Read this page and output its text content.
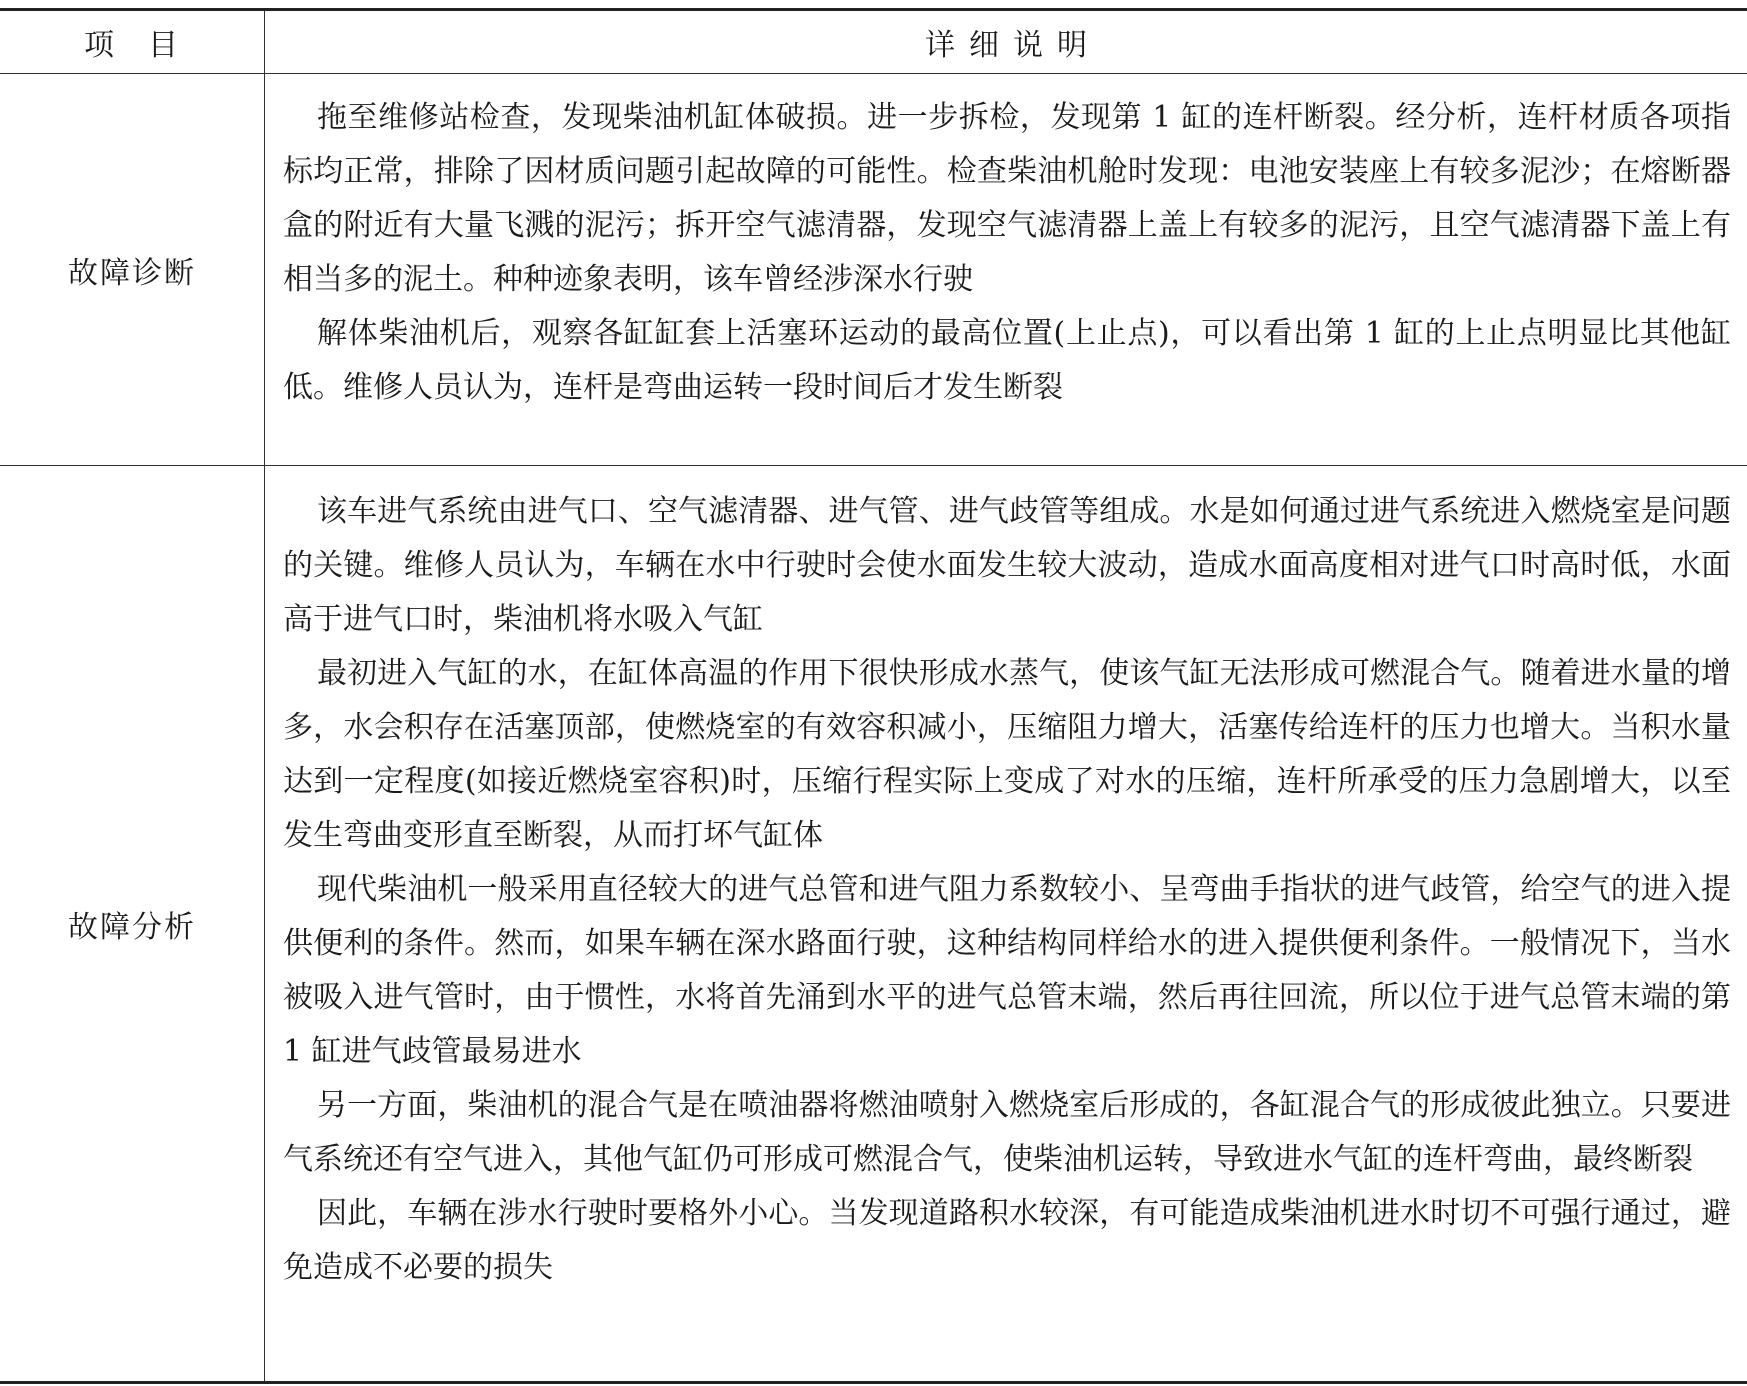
项　目	详细说明
故障诊断

拖至维修站检查，发现柴油机缸体破损。进一步拆检，发现第 1 缸的连杆断裂。经分析，连杆材质各项指标均正常，排除了因材质问题引起故障的可能性。检查柴油机舱时发现：电池安装座上有较多泥沙；在熔断器盒的附近有大量飞溅的泥污；拆开空气滤清器，发现空气滤清器上盖上有较多的泥污，且空气滤清器下盖上有相当多的泥土。种种迹象表明，该车曾经涉深水行驶

解体柴油机后，观察各缸缸套上活塞环运动的最高位置(上止点)，可以看出第 1 缸的上止点明显比其他缸低。维修人员认为，连杆是弯曲运转一段时间后才发生断裂

故障分析

该车进气系统由进气口、空气滤清器、进气管、进气歧管等组成。水是如何通过进气系统进入燃烧室是问题的关键。维修人员认为，车辆在水中行驶时会使水面发生较大波动，造成水面高度相对进气口时高时低，水面高于进气口时，柴油机将水吸入气缸

最初进入气缸的水，在缸体高温的作用下很快形成水蒸气，使该气缸无法形成可燃混合气。随着进水量的增多，水会积存在活塞顶部，使燃烧室的有效容积减小，压缩阻力增大，活塞传给连杆的压力也增大。当积水量达到一定程度(如接近燃烧室容积)时，压缩行程实际上变成了对水的压缩，连杆所承受的压力急剧增大，以至发生弯曲变形直至断裂，从而打坏气缸体

现代柴油机一般采用直径较大的进气总管和进气阻力系数较小、呈弯曲手指状的进气歧管，给空气的进入提供便利的条件。然而，如果车辆在深水路面行驶，这种结构同样给水的进入提供便利条件。一般情况下，当水被吸入进气管时，由于惯性，水将首先涌到水平的进气总管末端，然后再往回流，所以位于进气总管末端的第 1 缸进气歧管最易进水

另一方面，柴油机的混合气是在喷油器将燃油喷射入燃烧室后形成的，各缸混合气的形成彼此独立。只要进气系统还有空气进入，其他气缸仍可形成可燃混合气，使柴油机运转，导致进水气缸的连杆弯曲，最终断裂

因此，车辆在涉水行驶时要格外小心。当发现道路积水较深，有可能造成柴油机进水时切不可强行通过，避免造成不必要的损失
